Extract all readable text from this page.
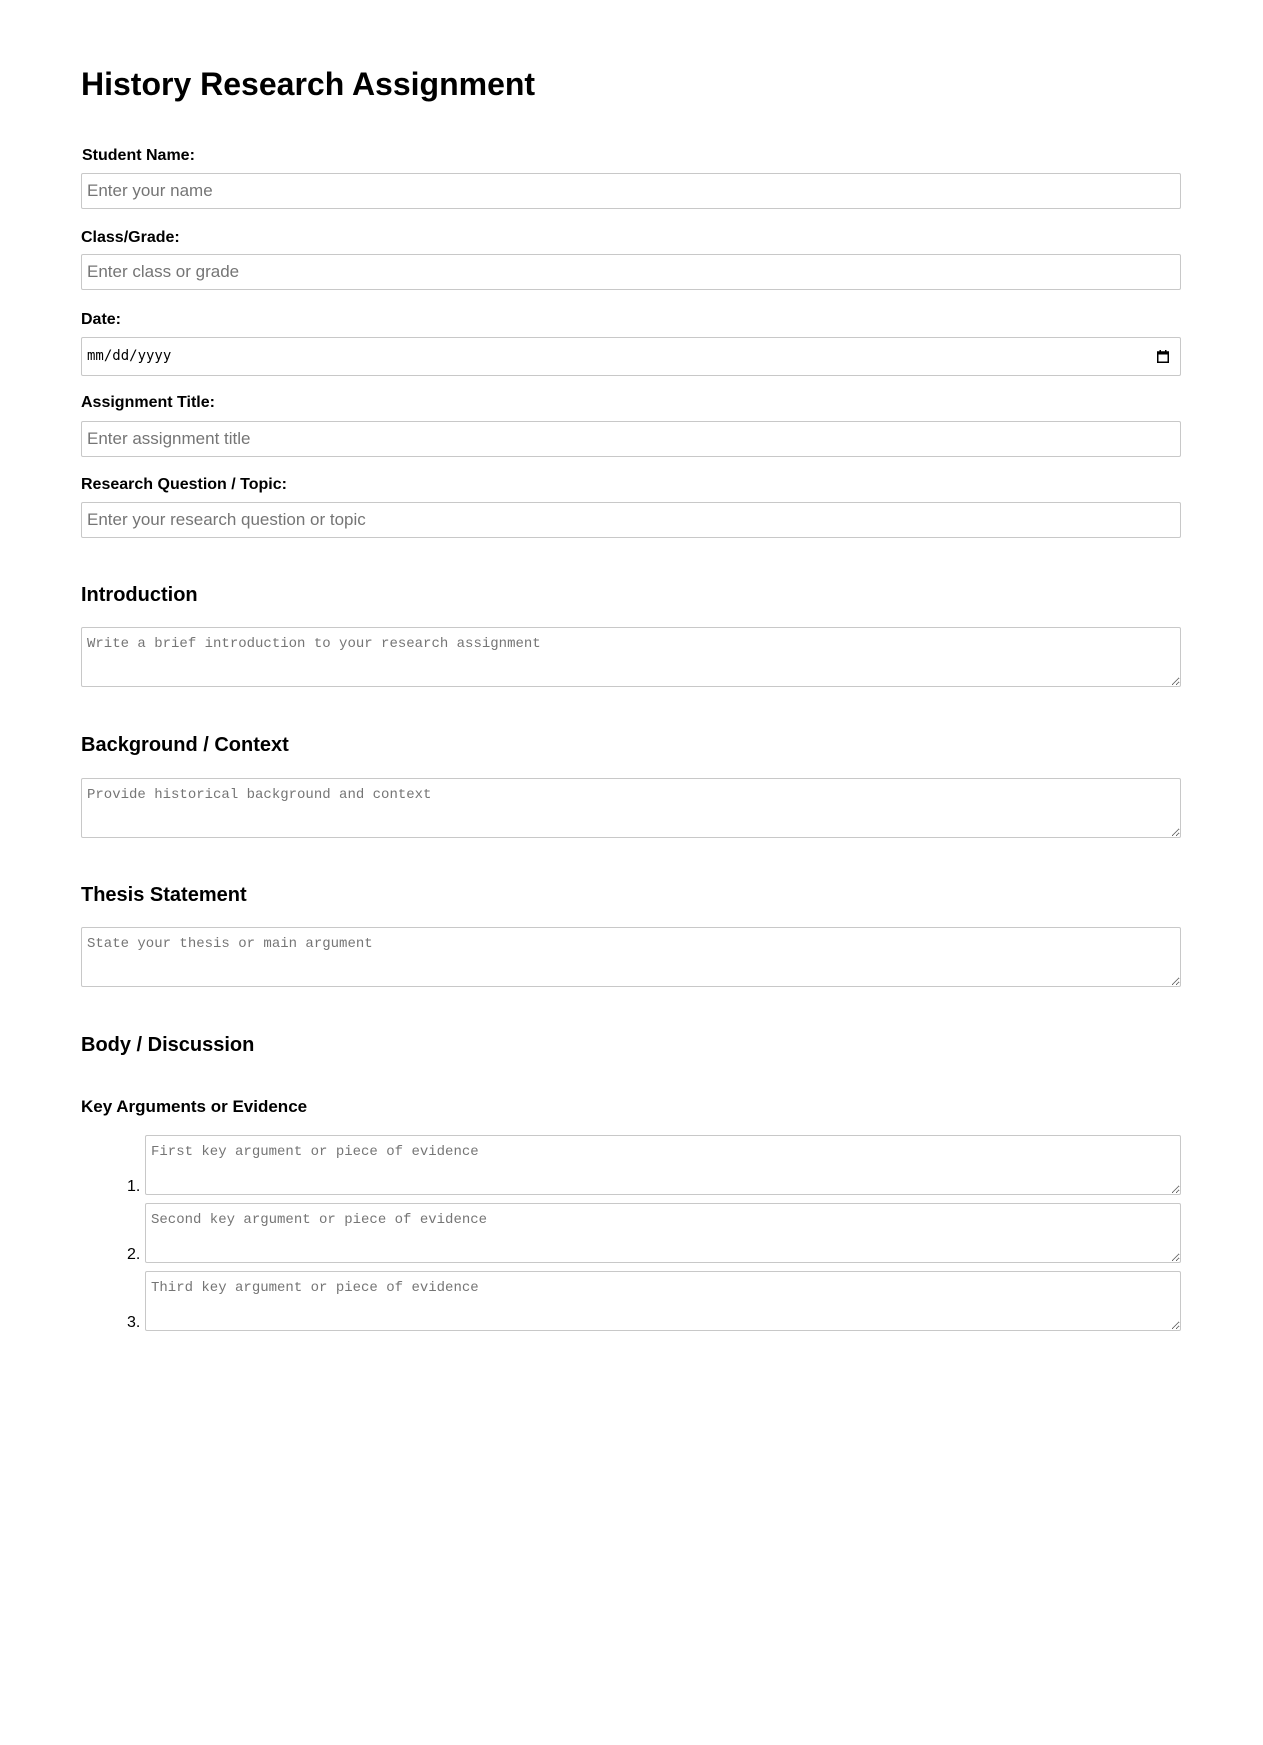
History Research Assignment
Student Name:
Enter your name
Class/Grade:
Enter class or grade
Date:
mm/dd/yyyy
Assignment Title:
Enter assignment title
Research Question / Topic:
Enter your research question or topic
Introduction
Write a brief introduction to your research assignment
Background / Context
Provide historical background and context
Thesis Statement
State your thesis or main argument
Body / Discussion
Key Arguments or Evidence
1.
First key argument or piece of evidence
2.
Second key argument or piece of evidence
3.
Third key argument or piece of evidence
